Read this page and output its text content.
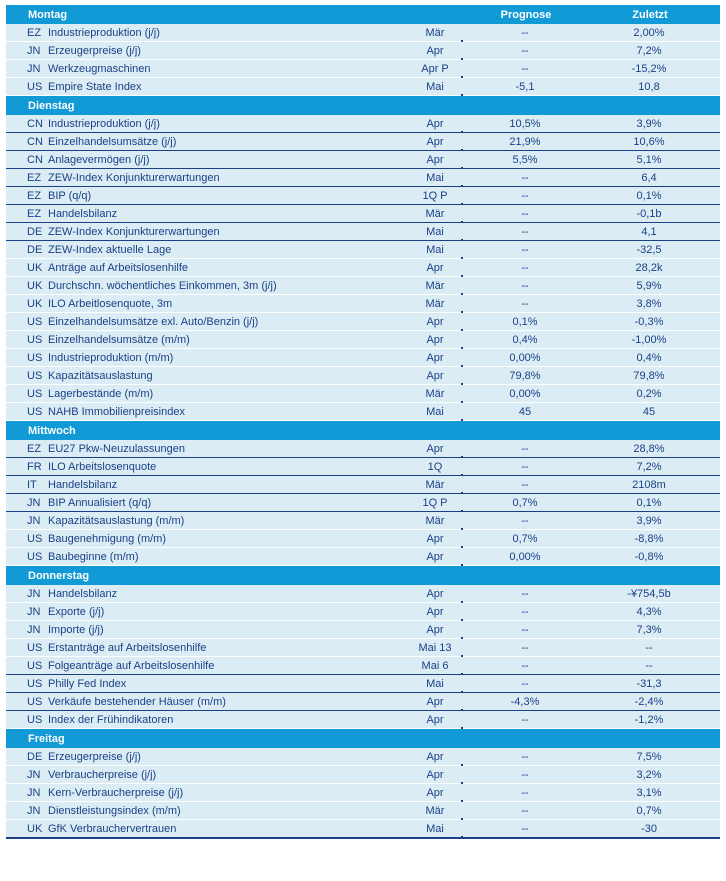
Montag	Prognose	Zuletzt
EZ Industrieproduktion (j/j)	Mär	--	2,00%
JN Erzeugerpreise (j/j)	Apr	--	7,2%
JN Werkzeugmaschinen	Apr P	--	-15,2%
US Empire State Index	Mai	-5,1	10,8
Dienstag
CN Industrieproduktion (j/j)	Apr	10,5%	3,9%
CN Einzelhandelsumsätze (j/j)	Apr	21,9%	10,6%
CN Anlagevermögen (j/j)	Apr	5,5%	5,1%
EZ ZEW-Index Konjunkturerwartungen	Mai	--	6,4
EZ BIP (q/q)	1Q P	--	0,1%
EZ Handelsbilanz	Mär	--	-0,1b
DE ZEW-Index Konjunkturerwartungen	Mai	--	4,1
DE ZEW-Index aktuelle Lage	Mai	--	-32,5
UK Anträge auf Arbeitslosenhilfe	Apr	--	28,2k
UK Durchschn. wöchentliches Einkommen, 3m (j/j)	Mär	--	5,9%
UK ILO Arbeitlosenquote, 3m	Mär	--	3,8%
US Einzelhandelsumsätze exl. Auto/Benzin (j/j)	Apr	0,1%	-0,3%
US Einzelhandelsumsätze (m/m)	Apr	0,4%	-1,00%
US Industrieproduktion (m/m)	Apr	0,00%	0,4%
US Kapazitätsauslastung	Apr	79,8%	79,8%
US Lagerbestände (m/m)	Mär	0,00%	0,2%
US NAHB Immobilienpreisindex	Mai	45	45
Mittwoch
EZ EU27 Pkw-Neuzulassungen	Apr	--	28,8%
FR ILO Arbeitslosenquote	1Q	--	7,2%
IT	Handelsbilanz	Mär	--	2108m
JN BIP Annualisiert (q/q)	1Q P	0,7%	0,1%
JN Kapazitätsauslastung (m/m)	Mär	--	3,9%
US Baugenehmigung (m/m)	Apr	0,7%	-8,8%
US Baubeginne (m/m)	Apr	0,00%	-0,8%
Donnerstag
JN Handelsbilanz	Apr	--	-¥754,5b
JN Exporte (j/j)	Apr	--	4,3%
JN Importe (j/j)	Apr	--	7,3%
US Erstanträge auf Arbeitslosenhilfe	Mai 13	--	--
US Folgeanträge auf Arbeitslosenhilfe	Mai 6	--	--
US Philly Fed Index	Mai	--	-31,3
US Verkäufe bestehender Häuser (m/m)	Apr	-4,3%	-2,4%
US Index der Frühindikatoren	Apr	--	-1,2%
Freitag
DE Erzeugerpreise (j/j)	Apr	--	7,5%
JN Verbraucherpreise (j/j)	Apr	--	3,2%
JN Kern-Verbraucherpreise (j/j)	Apr	--	3,1%
JN Dienstleistungsindex (m/m)	Mär	--	0,7%
UK GfK Verbrauchervertrauen	Mai	--	-30
